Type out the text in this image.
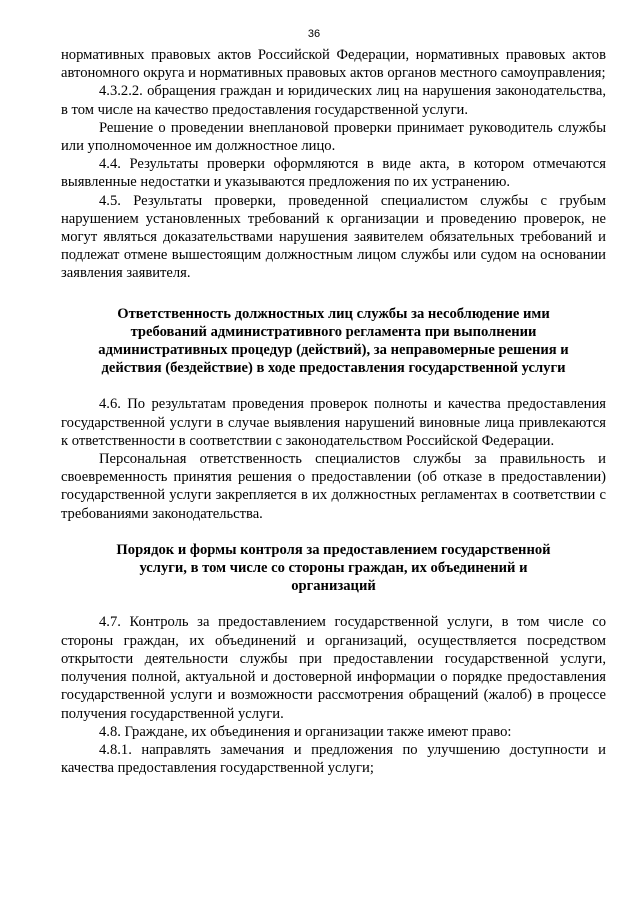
36

нормативных правовых актов Российской Федерации, нормативных правовых актов автономного округа и нормативных правовых актов органов местного самоуправления;

4.3.2.2. обращения граждан и юридических лиц на нарушения законодательства, в том числе на качество предоставления государственной услуги.

Решение о проведении внеплановой проверки принимает руководитель службы или уполномоченное им должностное лицо.

4.4. Результаты проверки оформляются в виде акта, в котором отмечаются выявленные недостатки и указываются предложения по их устранению.

4.5. Результаты проверки, проведенной специалистом службы с грубым нарушением установленных требований к организации и проведению проверок, не могут являться доказательствами нарушения заявителем обязательных требований и подлежат отмене вышестоящим должностным лицом службы или судом на основании заявления заявителя.

Ответственность должностных лиц службы за несоблюдение ими требований административного регламента при выполнении административных процедур (действий), за неправомерные решения и действия (бездействие) в ходе предоставления государственной услуги

4.6. По результатам проведения проверок полноты и качества предоставления государственной услуги в случае выявления нарушений виновные лица привлекаются к ответственности в соответствии с законодательством Российской Федерации.

Персональная ответственность специалистов службы за правильность и своевременность принятия решения о предоставлении (об отказе в предоставлении) государственной услуги закрепляется в их должностных регламентах в соответствии с требованиями законодательства.

Порядок и формы контроля за предоставлением государственной услуги, в том числе со стороны граждан, их объединений и организаций

4.7. Контроль за предоставлением государственной услуги, в том числе со стороны граждан, их объединений и организаций, осуществляется посредством открытости деятельности службы при предоставлении государственной услуги, получения полной, актуальной и достоверной информации о порядке предоставления государственной услуги и возможности рассмотрения обращений (жалоб) в процессе получения государственной услуги.

4.8. Граждане, их объединения и организации также имеют право:

4.8.1. направлять замечания и предложения по улучшению доступности и качества предоставления государственной услуги;
